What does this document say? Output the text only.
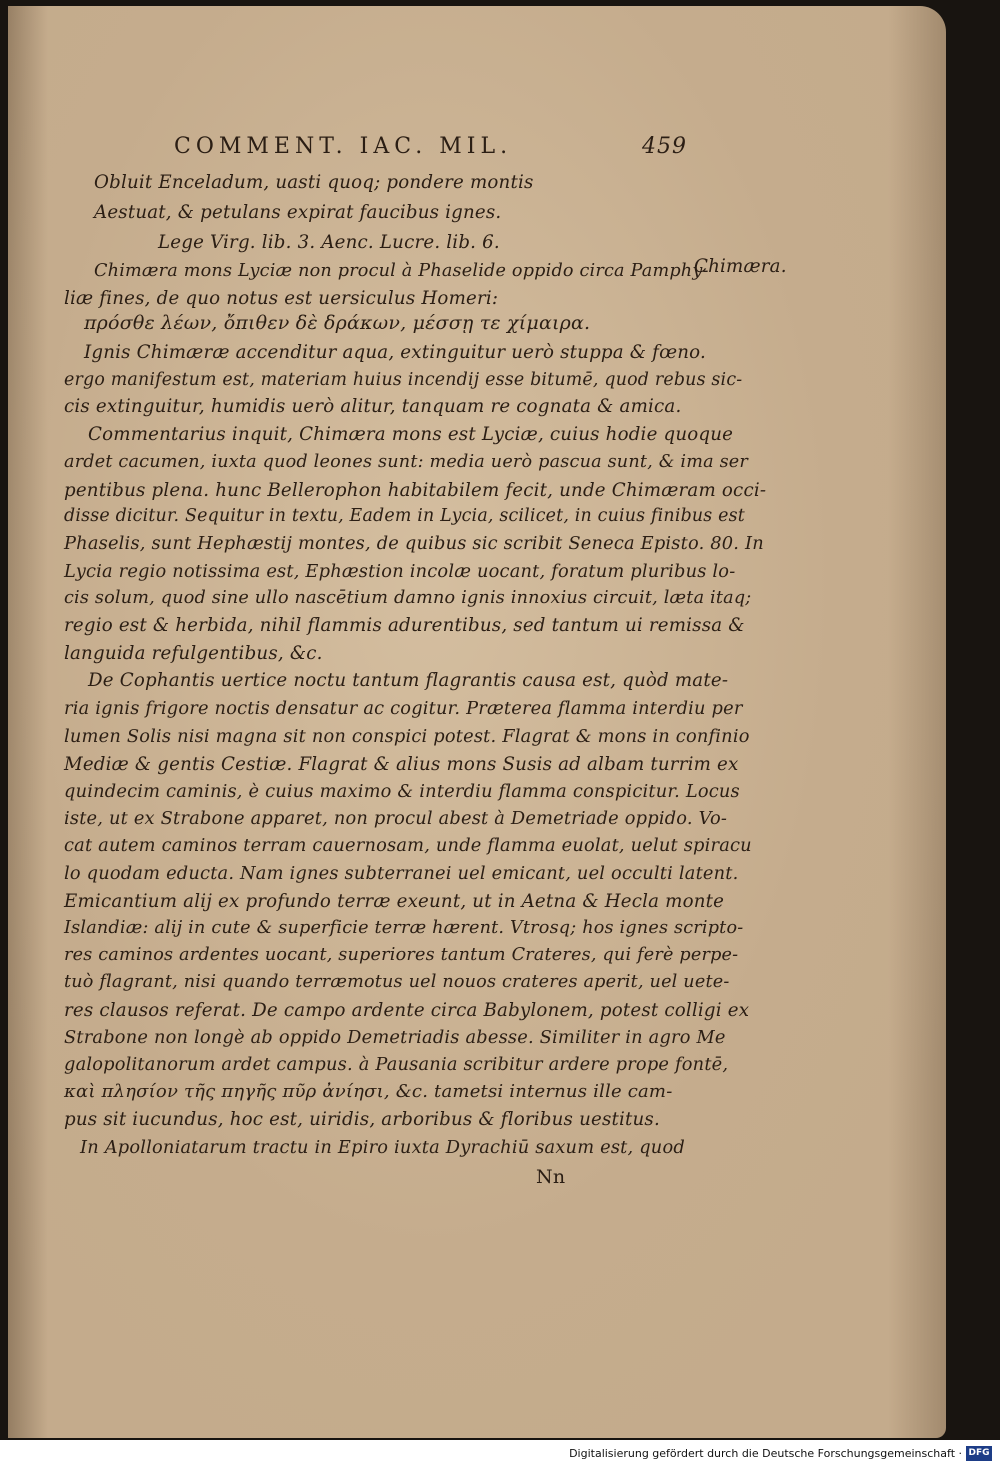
COMMENT. IAC. MIL.	459
Obluit Enceladum, uasti quoq; pondere montis
Aestuat, & petulans expirat faucibus ignes.
Lege Virg. lib. 3. Aenc. Lucre. lib. 6.
Chimæra mons Lyciæ non procul à Phaselide oppido circa Pamphy-
Chimæra.
liæ fines, de quo notus est uersiculus Homeri:
πρόσθε λέων, ὄπιθεν δὲ δράκων, μέσσῃ τε χίμαιρα.
Ignis Chimæræ accenditur aqua, extinguitur uerò stuppa & fœno.
ergo manifestum est, materiam huius incendij esse bitumē, quod rebus sic-
cis extinguitur, humidis uerò alitur, tanquam re cognata & amica.
Commentarius inquit, Chimæra mons est Lyciæ, cuius hodie quoque
ardet cacumen, iuxta quod leones sunt: media uerò pascua sunt, & ima ser
pentibus plena. hunc Bellerophon habitabilem fecit, unde Chimæram occi-
disse dicitur. Sequitur in textu, Eadem in Lycia, scilicet, in cuius finibus est
Phaselis, sunt Hephæstij montes, de quibus sic scribit Seneca Episto. 80. In
Lycia regio notissima est, Ephæstion incolæ uocant, foratum pluribus lo-
cis solum, quod sine ullo nascētium damno ignis innoxius circuit, læta itaq;
regio est & herbida, nihil flammis adurentibus, sed tantum ui remissa &
languida refulgentibus, &c.
De Cophantis uertice noctu tantum flagrantis causa est, quòd mate-
ria ignis frigore noctis densatur ac cogitur. Præterea flamma interdiu per
lumen Solis nisi magna sit non conspici potest. Flagrat & mons in confinio
Mediæ & gentis Cestiæ. Flagrat & alius mons Susis ad albam turrim ex
quindecim caminis, è cuius maximo & interdiu flamma conspicitur. Locus
iste, ut ex Strabone apparet, non procul abest à Demetriade oppido. Vo-
cat autem caminos terram cauernosam, unde flamma euolat, uelut spiracu
lo quodam educta. Nam ignes subterranei uel emicant, uel occulti latent.
Emicantium alij ex profundo terræ exeunt, ut in Aetna & Hecla monte
Islandiæ: alij in cute & superficie terræ hærent. Vtrosq; hos ignes scripto-
res caminos ardentes uocant, superiores tantum Crateres, qui ferè perpe-
tuò flagrant, nisi quando terræmotus uel nouos crateres aperit, uel uete-
res clausos referat. De campo ardente circa Babylonem, potest colligi ex
Strabone non longè ab oppido Demetriadis abesse. Similiter in agro Me
galopolitanorum ardet campus. à Pausania scribitur ardere prope fontē,
καὶ πλησίον τῆς πηγῆς πῦρ ἀνίησι, &c. tametsi internus ille cam-
pus sit iucundus, hoc est, uiridis, arboribus & floribus uestitus.
In Apolloniatarum tractu in Epiro iuxta Dyrachiū saxum est, quod
Nn
Digitalisierung gefördert durch die Deutsche Forschungsgemeinschaft · DFG
